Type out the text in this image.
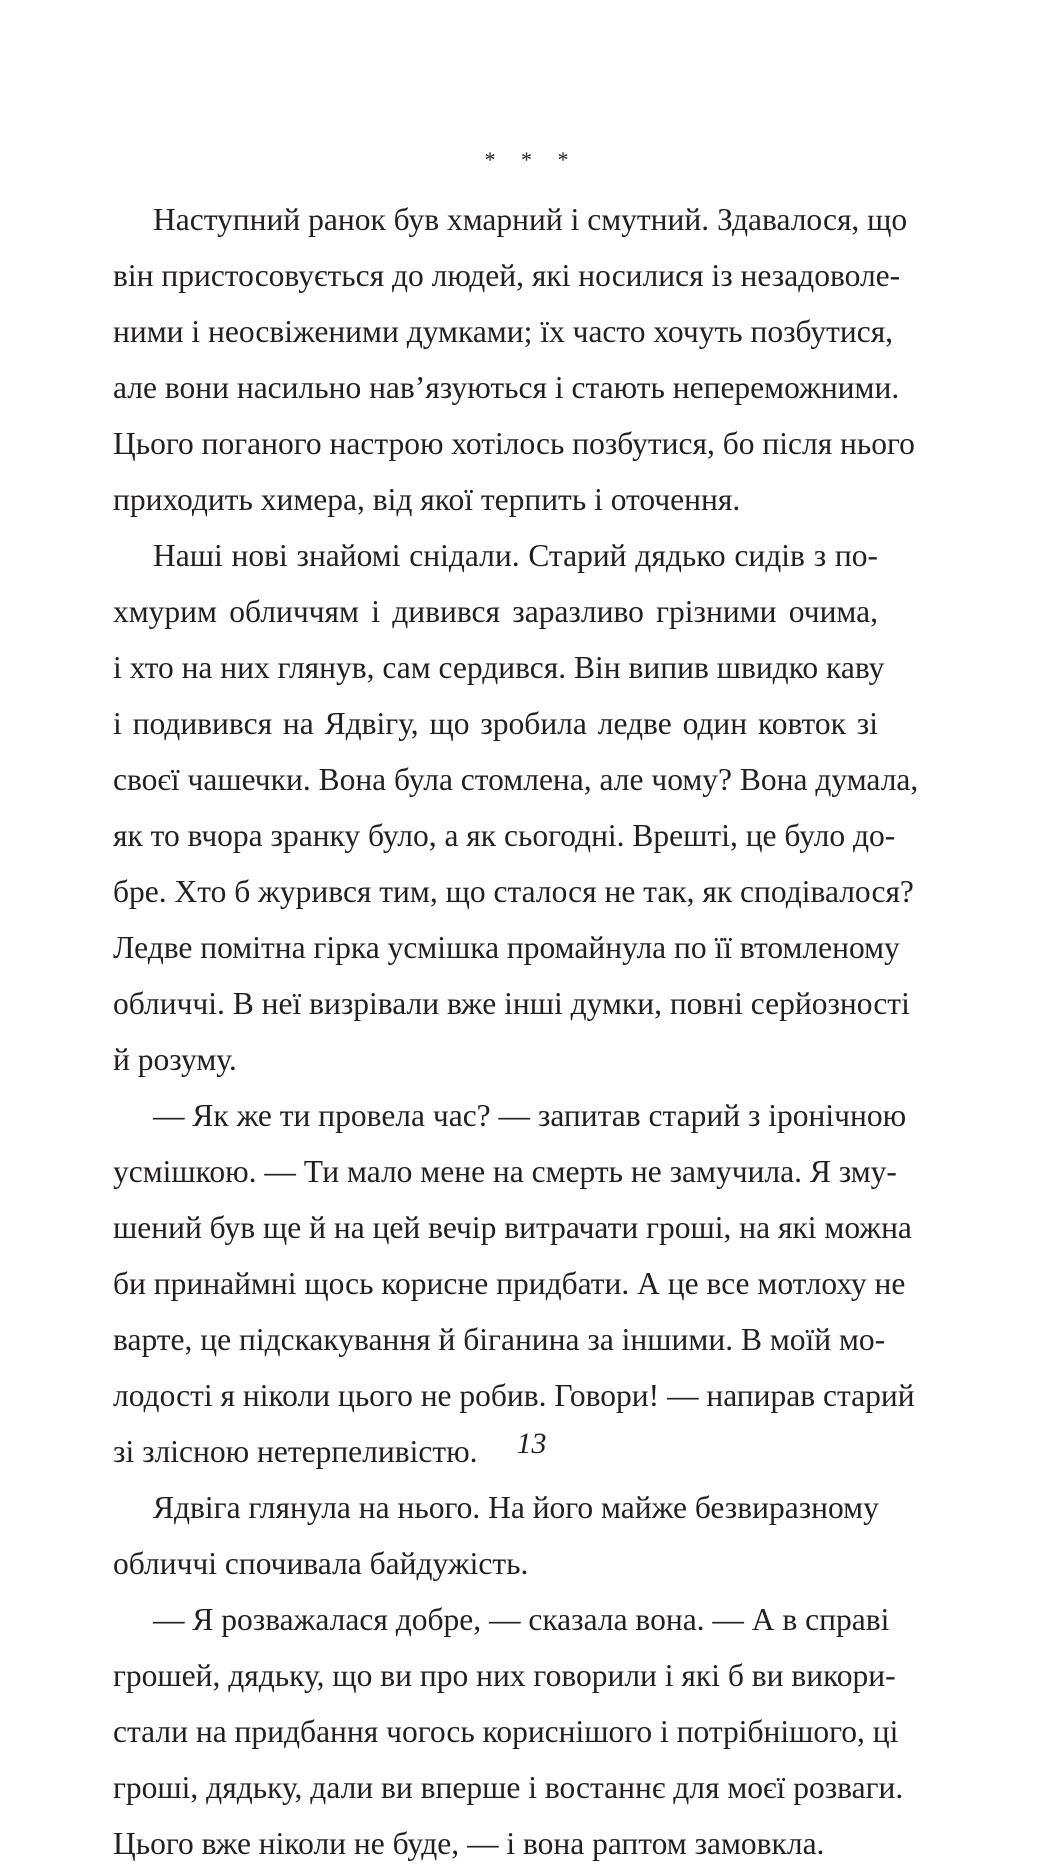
* * *
Наступний ранок був хмарний і смутний. Здавалося, що
він пристосовується до людей, які носилися із незадоволе-
ними і неосвіженими думками; їх часто хочуть позбутися,
але вони насильно нав’язуються і стають непереможними.
Цього поганого настрою хотілось позбутися, бо після нього
приходить химера, від якої терпить і оточення.
Наші нові знайомі снідали. Старий дядько сидів з по-
хмурим обличчям і дивився заразливо грізними очима,
і хто на них глянув, сам сердився. Він випив швидко каву
і подивився на Ядвігу, що зробила ледве один ковток зі
своєї чашечки. Вона була стомлена, але чому? Вона думала,
як то вчора зранку було, а як сьогодні. Врешті, це було до-
бре. Хто б журився тим, що сталося не так, як сподівалося?
Ледве помітна гірка усмішка промайнула по її втомленому
обличчі. В неї визрівали вже інші думки, повні серйозності
й розуму.
— Як же ти провела час? — запитав старий з іронічною
усмішкою. — Ти мало мене на смерть не замучила. Я зму-
шений був ще й на цей вечір витрачати гроші, на які можна
би принаймні щось корисне придбати. А це все мотлоху не
варте, це підскакування й біганина за іншими. В моїй мо-
лодості я ніколи цього не робив. Говори! — напирав старий
зі злісною нетерпеливістю.
Ядвіга глянула на нього. На його майже безвиразному
обличчі спочивала байдужість.
— Я розважалася добре, — сказала вона. — А в справі
грошей, дядьку, що ви про них говорили і які б ви викори-
стали на придбання чогось кориснішого і потрібнішого, ці
гроші, дядьку, дали ви вперше і востаннє для моєї розваги.
Цього вже ніколи не буде, — і вона раптом замовкла.
13
